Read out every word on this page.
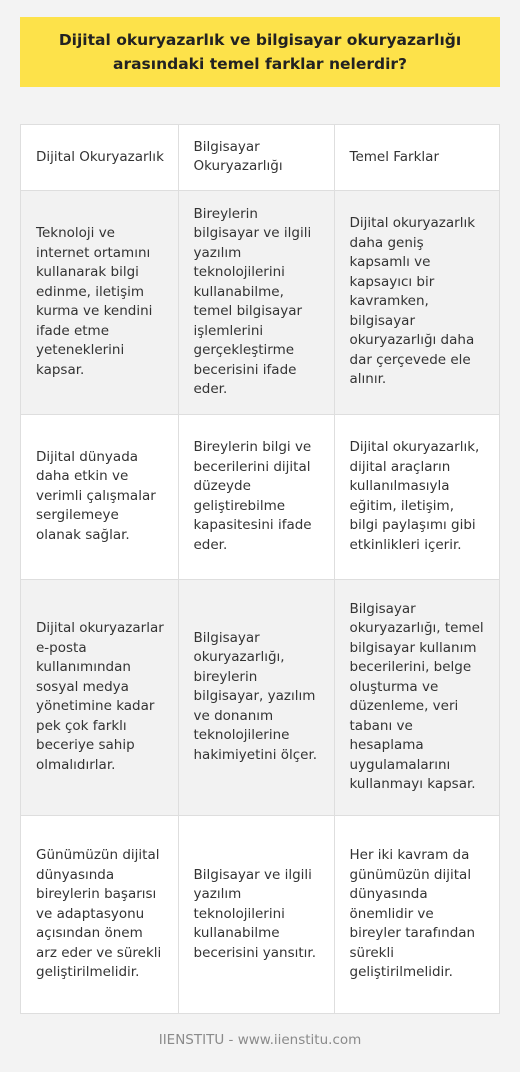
Dijital okuryazarlık ve bilgisayar okuryazarlığı arasındaki temel farklar nelerdir?
Dijital Okuryazarlık	Bilgisayar Okuryazarlığı	Temel Farklar
Teknoloji ve internet ortamını kullanarak bilgi edinme, iletişim kurma ve kendini ifade etme yeteneklerini kapsar.	Bireylerin bilgisayar ve ilgili yazılım teknolojilerini kullanabilme, temel bilgisayar işlemlerini gerçekleştirme becerisini ifade eder.	Dijital okuryazarlık daha geniş kapsamlı ve kapsayıcı bir kavramken, bilgisayar okuryazarlığı daha dar çerçevede ele alınır.
Dijital dünyada daha etkin ve verimli çalışmalar sergilemeye olanak sağlar.	Bireylerin bilgi ve becerilerini dijital düzeyde geliştirebilme kapasitesini ifade eder.	Dijital okuryazarlık, dijital araçların kullanılmasıyla eğitim, iletişim, bilgi paylaşımı gibi etkinlikleri içerir.
Dijital okuryazarlar e-posta kullanımından sosyal medya yönetimine kadar pek çok farklı beceriye sahip olmalıdırlar.	Bilgisayar okuryazarlığı, bireylerin bilgisayar, yazılım ve donanım teknolojilerine hakimiyetini ölçer.	Bilgisayar okuryazarlığı, temel bilgisayar kullanım becerilerini, belge oluşturma ve düzenleme, veri tabanı ve hesaplama uygulamalarını kullanmayı kapsar.
Günümüzün dijital dünyasında bireylerin başarısı ve adaptasyonu açısından önem arz eder ve sürekli geliştirilmelidir.	Bilgisayar ve ilgili yazılım teknolojilerini kullanabilme becerisini yansıtır.	Her iki kavram da günümüzün dijital dünyasında önemlidir ve bireyler tarafından sürekli geliştirilmelidir.
IIENSTITU - www.iienstitu.com
